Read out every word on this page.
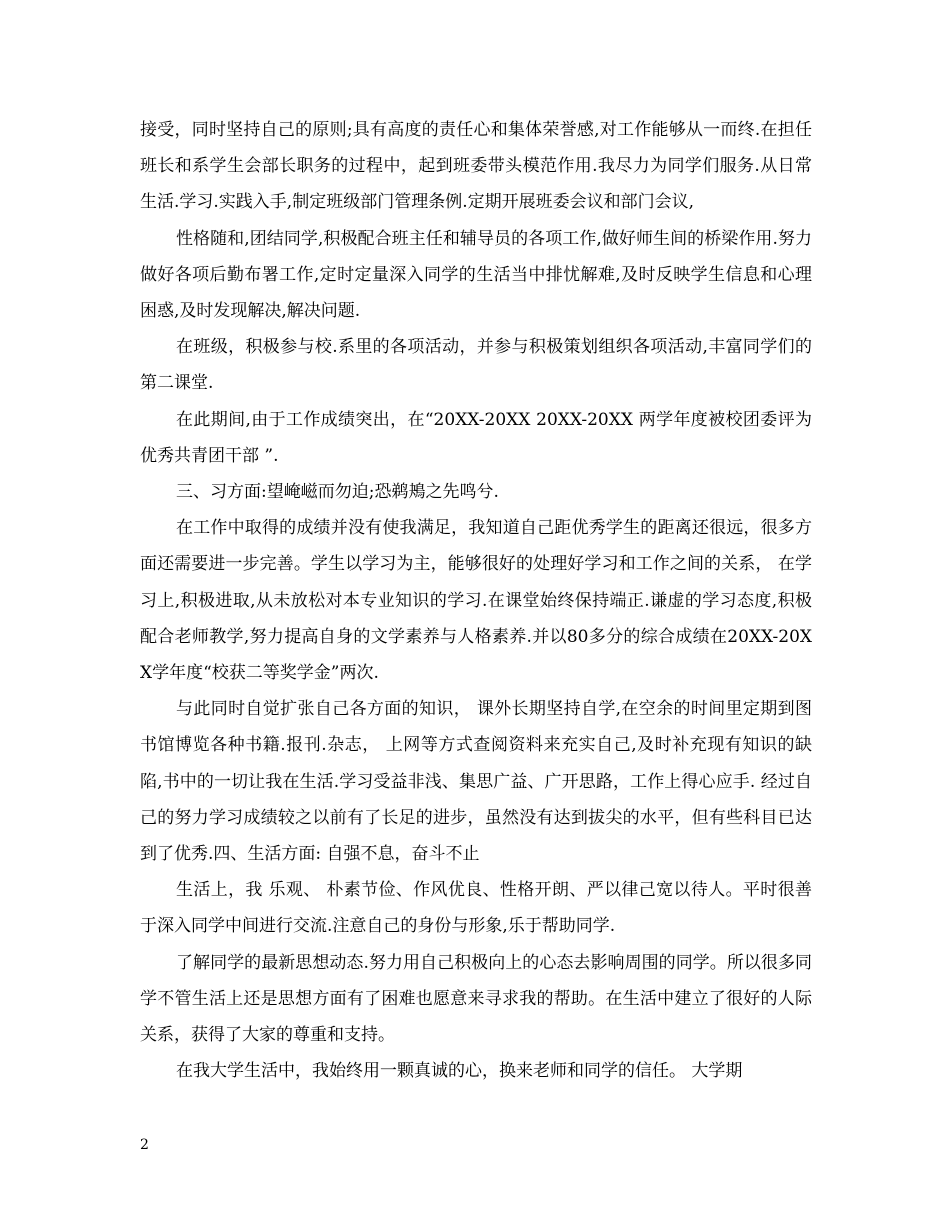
接受，同时坚持自己的原则;具有高度的责任心和集体荣誉感,对工作能够从一而终.在担任班长和系学生会部长职务的过程中，起到班委带头模范作用.我尽力为同学们服务.从日常生活.学习.实践入手,制定班级部门管理条例.定期开展班委会议和部门会议,

性格随和,团结同学,积极配合班主任和辅导员的各项工作,做好师生间的桥梁作用.努力做好各项后勤布署工作,定时定量深入同学的生活当中排忧解难,及时反映学生信息和心理困惑,及时发现解决,解决问题.

在班级，积极参与校.系里的各项活动，并参与积极策划组织各项活动,丰富同学们的第二课堂.

在此期间,由于工作成绩突出，在“20XX-20XX 20XX-20XX 两学年度被校团委评为优秀共青团干部 ”.

三、习方面:望崦嵫而勿迫;恐鹈鴂之先鸣兮.

在工作中取得的成绩并没有使我满足，我知道自己距优秀学生的距离还很远，很多方面还需要进一步完善。学生以学习为主，能够很好的处理好学习和工作之间的关系， 在学习上,积极进取,从未放松对本专业知识的学习.在课堂始终保持端正.谦虚的学习态度,积极配合老师教学,努力提高自身的文学素养与人格素养.并以80多分的综合成绩在20XX-20XX学年度“校获二等奖学金”两次.

与此同时自觉扩张自己各方面的知识， 课外长期坚持自学,在空余的时间里定期到图书馆博览各种书籍.报刊.杂志， 上网等方式查阅资料来充实自己,及时补充现有知识的缺陷,书中的一切让我在生活.学习受益非浅、集思广益、广开思路，工作上得心应手. 经过自己的努力学习成绩较之以前有了长足的进步，虽然没有达到拔尖的水平，但有些科目已达到了优秀.四、生活方面: 自强不息，奋斗不止

生活上，我 乐观、 朴素节俭、作风优良、性格开朗、严以律己宽以待人。平时很善于深入同学中间进行交流.注意自己的身份与形象,乐于帮助同学.

了解同学的最新思想动态.努力用自己积极向上的心态去影响周围的同学。所以很多同学不管生活上还是思想方面有了困难也愿意来寻求我的帮助。在生活中建立了很好的人际关系，获得了大家的尊重和支持。

在我大学生活中，我始终用一颗真诚的心，换来老师和同学的信任。 大学期

2
